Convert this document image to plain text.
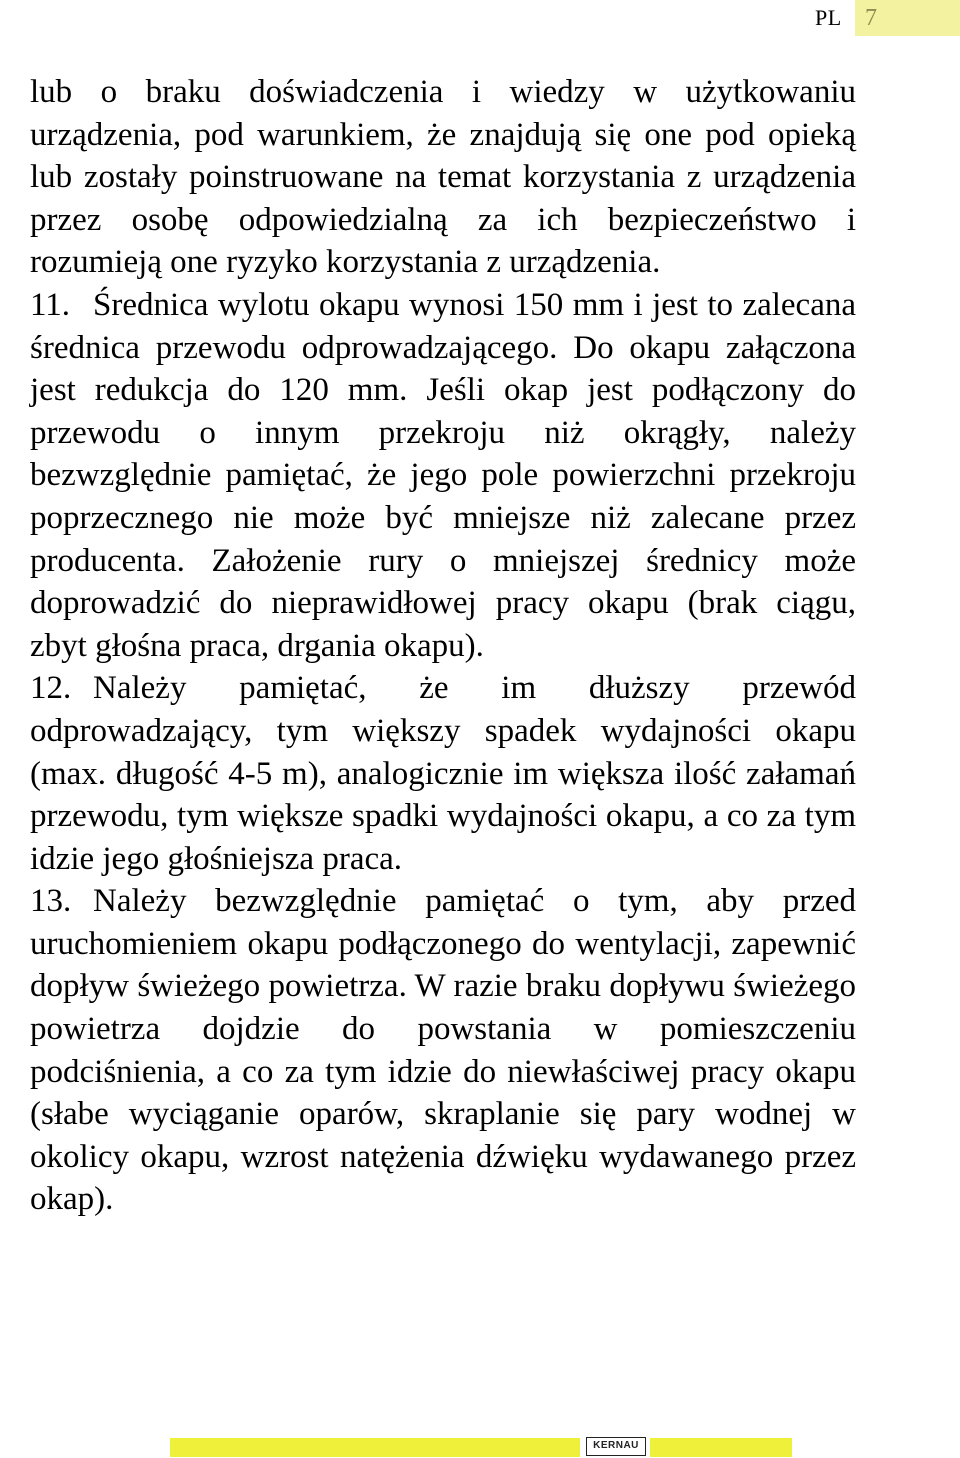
PL 7

lub o braku doświadczenia i wiedzy w użytkowaniu urządzenia, pod warunkiem, że znajdują się one pod opieką lub zostały poinstruowane na temat korzystania z urządzenia przez osobę odpowiedzialną za ich bezpieczeństwo i rozumieją one ryzyko korzystania z urządzenia.

11. Średnica wylotu okapu wynosi 150 mm i jest to zalecana średnica przewodu odprowadzającego. Do okapu załączona jest redukcja do 120 mm. Jeśli okap jest podłączony do przewodu o innym przekroju niż okrągły, należy bezwzględnie pamiętać, że jego pole powierzchni przekroju poprzecznego nie może być mniejsze niż zalecane przez producenta. Założenie rury o mniejszej średnicy może doprowadzić do nieprawidłowej pracy okapu (brak ciągu, zbyt głośna praca, drgania okapu).

12. Należy pamiętać, że im dłuższy przewód odprowadzający, tym większy spadek wydajności okapu (max. długość 4-5 m), analogicznie im większa ilość załamań przewodu, tym większe spadki wydajności okapu, a co za tym idzie jego głośniejsza praca.

13. Należy bezwzględnie pamiętać o tym, aby przed uruchomieniem okapu podłączonego do wentylacji, zapewnić dopływ świeżego powietrza. W razie braku dopływu świeżego powietrza dojdzie do powstania w pomieszczeniu podciśnienia, a co za tym idzie do niewłaściwej pracy okapu (słabe wyciąganie oparów, skraplanie się pary wodnej w okolicy okapu, wzrost natężenia dźwięku wydawanego przez okap).

KERNAU
